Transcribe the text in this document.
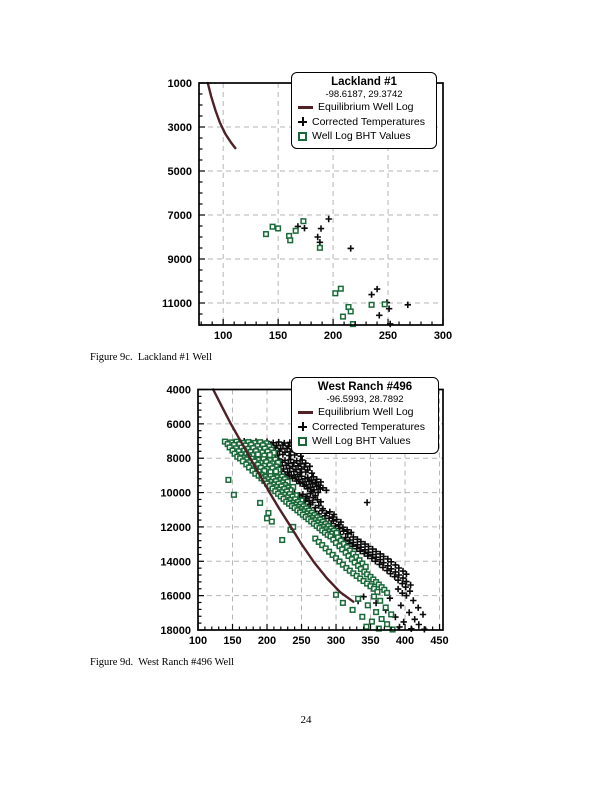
100	150	200	250	300
1000
3000
5000
7000
9000
11000
Lackland #1
-98.6187, 29.3742
Equilibrium Well Log
Corrected Temperatures
Well Log BHT Values
Figure 9c.  Lackland #1 Well
100 150 200 250 300 350 400 450
4000
6000
8000
10000
12000
14000
16000
18000
West Ranch #496
-96.5993, 28.7892
Equilibrium Well Log
Corrected Temperatures
Well Log BHT Values
Figure 9d.  West Ranch #496 Well
24
